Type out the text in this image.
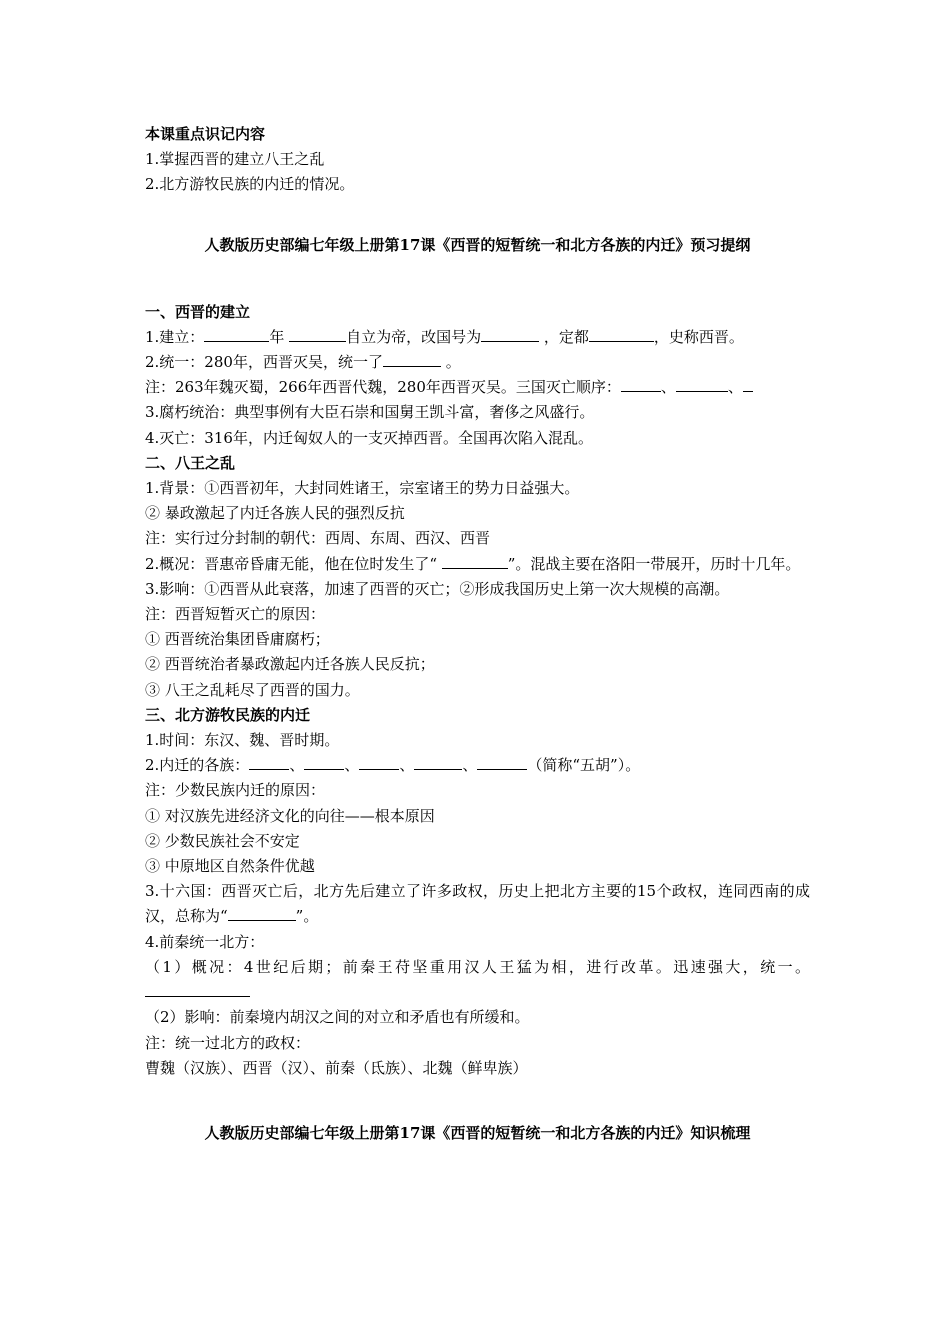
本课重点识记内容
1.掌握西晋的建立八王之乱
2.北方游牧民族的内迁的情况。
人教版历史部编七年级上册第17课《西晋的短暂统一和北方各族的内迁》预习提纲
一、西晋的建立
1.建立：	年	自立为帝，改国号为	，定都	，史称西晋。
2.统一：280年，西晋灭吴，统一了	。
注：263年魏灭蜀，266年西晋代魏，280年西晋灭吴。三国灭亡顺序：	、	、
3.腐朽统治：典型事例有大臣石崇和国舅王凯斗富，奢侈之风盛行。
4.灭亡：316年，内迁匈奴人的一支灭掉西晋。全国再次陷入混乱。
二、八王之乱
1.背景：①西晋初年，大封同姓诸王，宗室诸王的势力日益强大。
② 暴政激起了内迁各族人民的强烈反抗
注：实行过分封制的朝代：西周、东周、西汉、西晋
2.概况：晋惠帝昏庸无能，他在位时发生了“	”。混战主要在洛阳一带展开，历时十几年。
3.影响：①西晋从此衰落，加速了西晋的灭亡；②形成我国历史上第一次大规模的高潮。
注：西晋短暂灭亡的原因：
① 西晋统治集团昏庸腐朽；
② 西晋统治者暴政激起内迁各族人民反抗；
③ 八王之乱耗尽了西晋的国力。
三、北方游牧民族的内迁
1.时间：东汉、魏、晋时期。
2.内迁的各族：	、	、	、	、	（简称“五胡”）。
注：少数民族内迁的原因：
① 对汉族先进经济文化的向往——根本原因
② 少数民族社会不安定
③ 中原地区自然条件优越
3.十六国：西晋灭亡后，北方先后建立了许多政权，历史上把北方主要的15个政权，连同西南的成汉，总称为“	”。
4.前秦统一北方：
（1）概况：4世纪后期；前秦王苻坚重用汉人王猛为相，进行改革。迅速强大，统一。
（2）影响：前秦境内胡汉之间的对立和矛盾也有所缓和。
注：统一过北方的政权：
曹魏（汉族）、西晋（汉）、前秦（氐族）、北魏（鲜卑族）
人教版历史部编七年级上册第17课《西晋的短暂统一和北方各族的内迁》知识梳理
